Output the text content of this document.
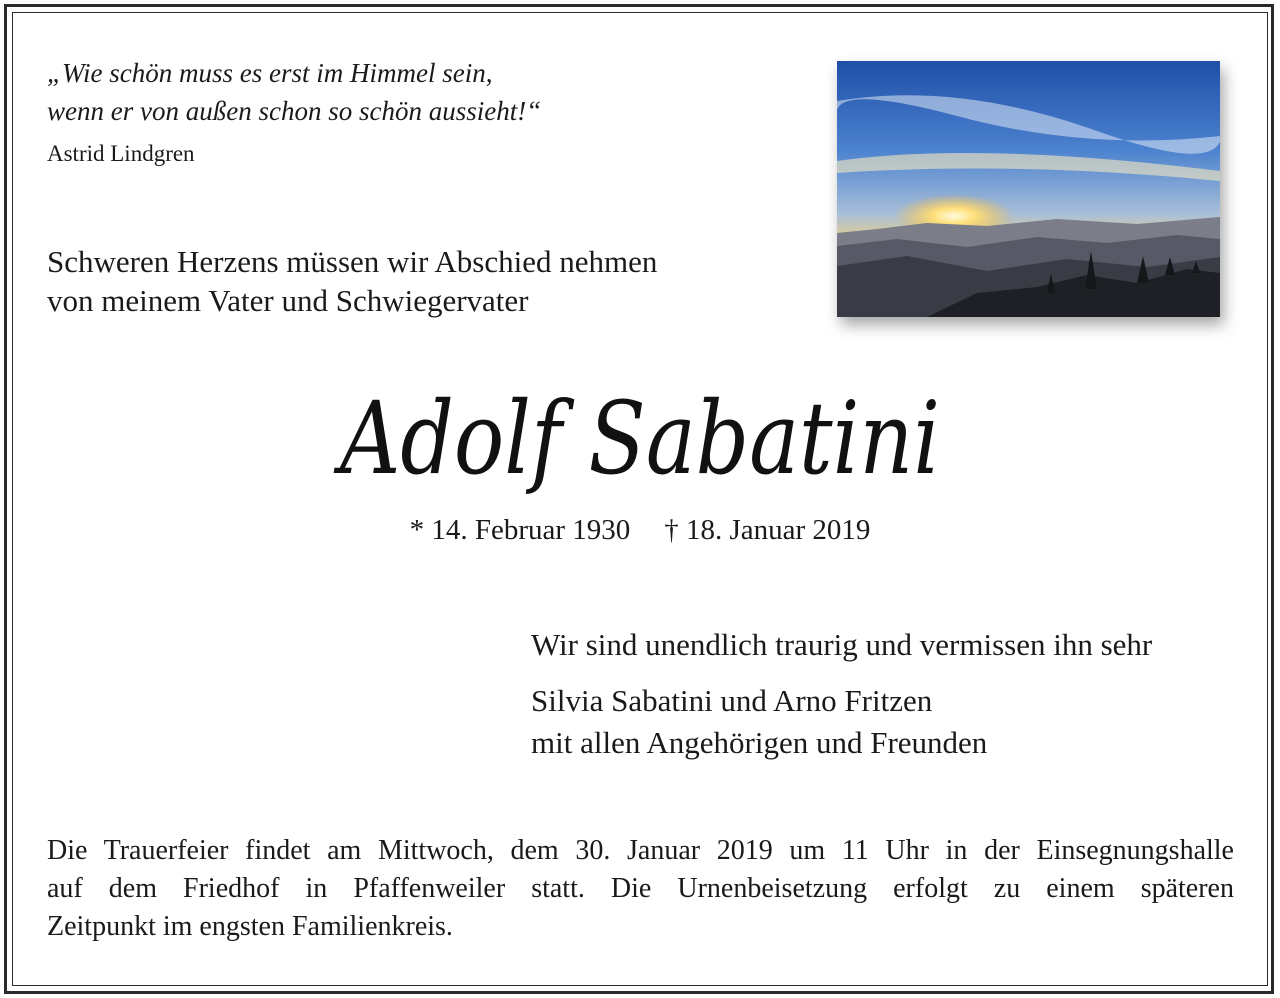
„Wie schön muss es erst im Himmel sein,
wenn er von außen schon so schön aussieht!“
Astrid Lindgren
Schweren Herzens müssen wir Abschied nehmen
von meinem Vater und Schwiegervater
Adolf Sabatini
* 14. Februar 1930 † 18. Januar 2019
Wir sind unendlich traurig und vermissen ihn sehr
Silvia Sabatini und Arno Fritzen
mit allen Angehörigen und Freunden
Die Trauerfeier findet am Mittwoch, dem 30. Januar 2019 um 11 Uhr in der Einsegnungshalle
auf dem Friedhof in Pfaffenweiler statt. Die Urnenbeisetzung erfolgt zu einem späteren
Zeitpunkt im engsten Familienkreis.
